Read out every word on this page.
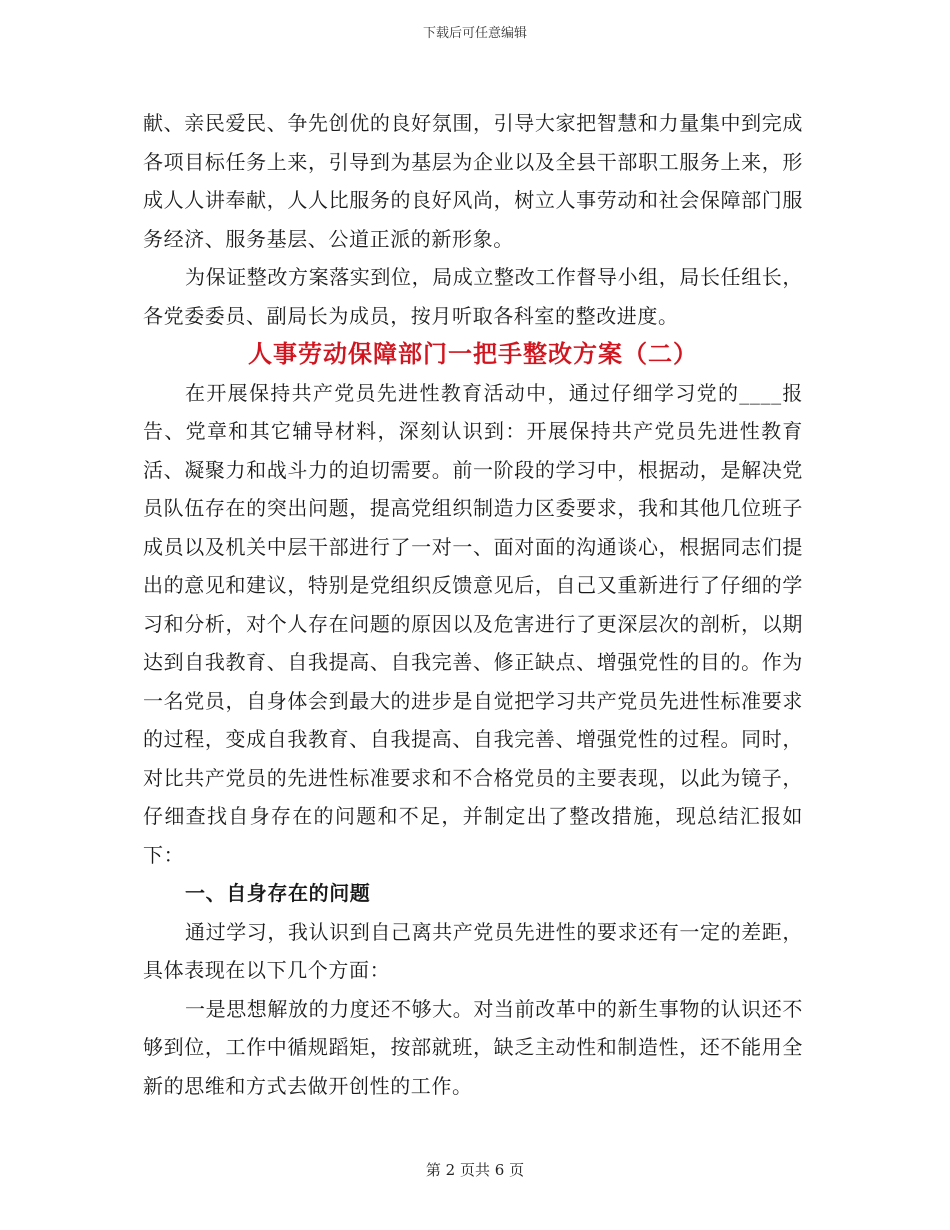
下载后可任意编辑

献、亲民爱民、争先创优的良好氛围，引导大家把智慧和力量集中到完成各项目标任务上来，引导到为基层为企业以及全县干部职工服务上来，形成人人讲奉献，人人比服务的良好风尚，树立人事劳动和社会保障部门服务经济、服务基层、公道正派的新形象。

为保证整改方案落实到位，局成立整改工作督导小组，局长任组长，各党委委员、副局长为成员，按月听取各科室的整改进度。

人事劳动保障部门一把手整改方案（二）

在开展保持共产党员先进性教育活动中，通过仔细学习党的____报告、党章和其它辅导材料，深刻认识到：开展保持共产党员先进性教育活、凝聚力和战斗力的迫切需要。前一阶段的学习中，根据动，是解决党员队伍存在的突出问题，提高党组织制造力区委要求，我和其他几位班子成员以及机关中层干部进行了一对一、面对面的沟通谈心，根据同志们提出的意见和建议，特别是党组织反馈意见后，自己又重新进行了仔细的学习和分析，对个人存在问题的原因以及危害进行了更深层次的剖析，以期达到自我教育、自我提高、自我完善、修正缺点、增强党性的目的。作为一名党员，自身体会到最大的进步是自觉把学习共产党员先进性标准要求的过程，变成自我教育、自我提高、自我完善、增强党性的过程。同时，对比共产党员的先进性标准要求和不合格党员的主要表现，以此为镜子，仔细查找自身存在的问题和不足，并制定出了整改措施，现总结汇报如下：

一、自身存在的问题

通过学习，我认识到自己离共产党员先进性的要求还有一定的差距，具体表现在以下几个方面：

一是思想解放的力度还不够大。对当前改革中的新生事物的认识还不够到位，工作中循规蹈矩，按部就班，缺乏主动性和制造性，还不能用全新的思维和方式去做开创性的工作。

第 2 页共 6 页
